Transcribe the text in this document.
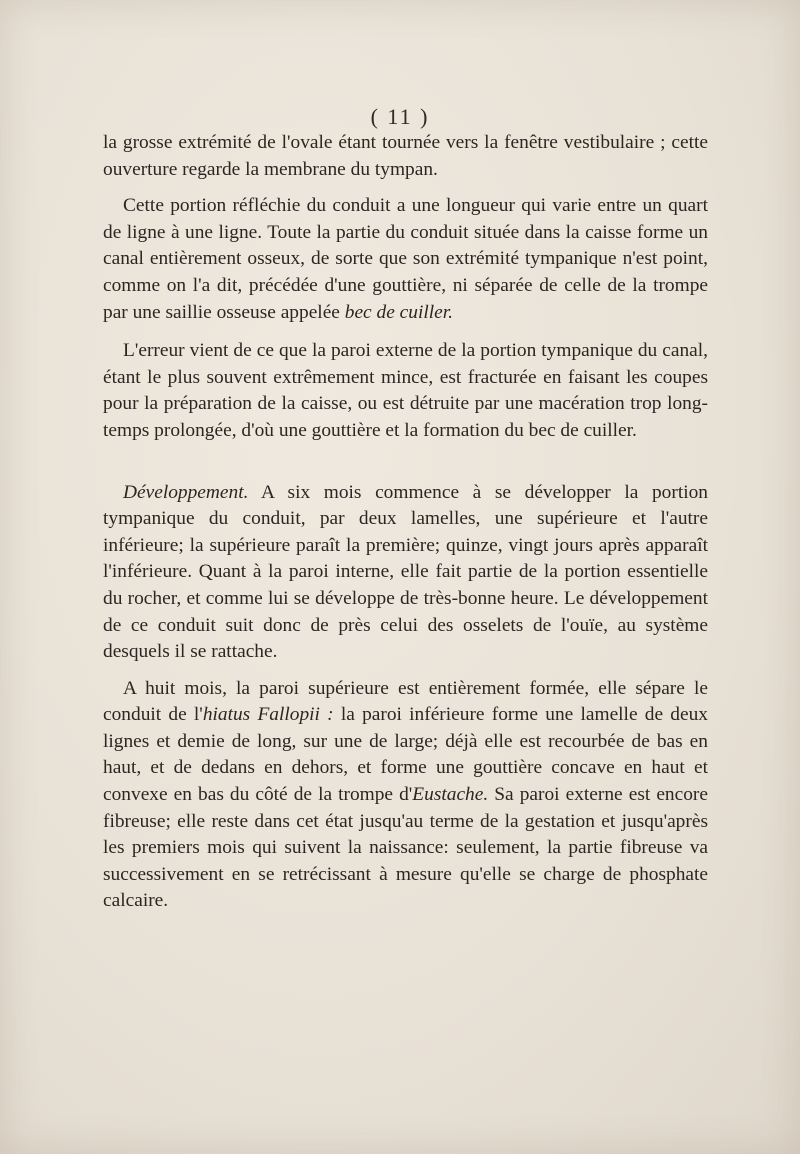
( 11 )

la grosse extrémité de l'ovale étant tournée vers la fenêtre vestibulaire ; cette ouverture regarde la membrane du tympan.

Cette portion réfléchie du conduit a une longueur qui varie entre un quart de ligne à une ligne. Toute la partie du conduit située dans la caisse forme un canal entièrement osseux, de sorte que son extrémité tympanique n'est point, comme on l'a dit, précédée d'une gouttière, ni séparée de celle de la trompe par une saillie osseuse appelée bec de cuiller.

L'erreur vient de ce que la paroi externe de la portion tympanique du canal, étant le plus souvent extrêmement mince, est fracturée en faisant les coupes pour la préparation de la caisse, ou est détruite par une macération trop long-temps prolongée, d'où une gouttière et la formation du bec de cuiller.

Développement. A six mois commence à se développer la portion tympanique du conduit, par deux lamelles, une supérieure et l'autre inférieure; la supérieure paraît la première; quinze, vingt jours après apparaît l'inférieure. Quant à la paroi interne, elle fait partie de la portion essentielle du rocher, et comme lui se développe de très-bonne heure. Le développement de ce conduit suit donc de près celui des osselets de l'ouïe, au système desquels il se rattache.

A huit mois, la paroi supérieure est entièrement formée, elle sépare le conduit de l'hiatus Fallopii : la paroi inférieure forme une lamelle de deux lignes et demie de long, sur une de large; déjà elle est recourbée de bas en haut, et de dedans en dehors, et forme une gouttière concave en haut et convexe en bas du côté de la trompe d'Eustache. Sa paroi externe est encore fibreuse; elle reste dans cet état jusqu'au terme de la gestation et jusqu'après les premiers mois qui suivent la naissance: seulement, la partie fibreuse va successivement en se retrécissant à mesure qu'elle se charge de phosphate calcaire.
